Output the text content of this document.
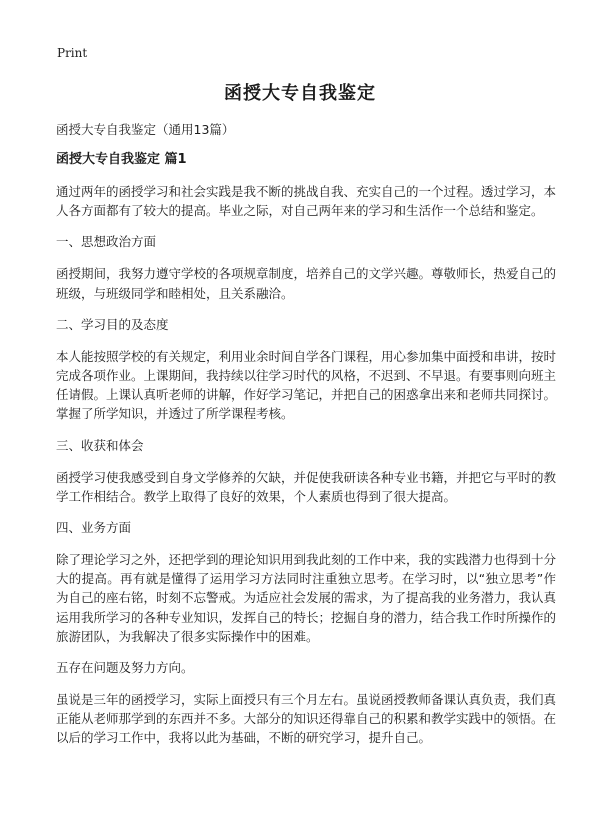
Print
函授大专自我鉴定

函授大专自我鉴定（通用13篇）

函授大专自我鉴定 篇1

通过两年的函授学习和社会实践是我不断的挑战自我、充实自己的一个过程。透过学习，本人各方面都有了较大的提高。毕业之际，对自己两年来的学习和生活作一个总结和鉴定。

一、思想政治方面

函授期间，我努力遵守学校的各项规章制度，培养自己的文学兴趣。尊敬师长，热爱自己的班级，与班级同学和睦相处，且关系融洽。

二、学习目的及态度

本人能按照学校的有关规定，利用业余时间自学各门课程，用心参加集中面授和串讲，按时完成各项作业。上课期间，我持续以往学习时代的风格，不迟到、不早退。有要事则向班主任请假。上课认真听老师的讲解，作好学习笔记，并把自己的困惑拿出来和老师共同探讨。掌握了所学知识，并透过了所学课程考核。

三、收获和体会

函授学习使我感受到自身文学修养的欠缺，并促使我研读各种专业书籍，并把它与平时的教学工作相结合。教学上取得了良好的效果，个人素质也得到了很大提高。

四、业务方面

除了理论学习之外，还把学到的理论知识用到我此刻的工作中来，我的实践潜力也得到十分大的提高。再有就是懂得了运用学习方法同时注重独立思考。在学习时，以“独立思考”作为自己的座右铭，时刻不忘警戒。为适应社会发展的需求，为了提高我的业务潜力，我认真运用我所学习的各种专业知识，发挥自己的特长；挖掘自身的潜力，结合我工作时所操作的旅游团队，为我解决了很多实际操作中的困难。

五存在问题及努力方向。

虽说是三年的函授学习，实际上面授只有三个月左右。虽说函授教师备课认真负责，我们真正能从老师那学到的东西并不多。大部分的知识还得靠自己的积累和教学实践中的领悟。在以后的学习工作中，我将以此为基础，不断的研究学习，提升自己。
